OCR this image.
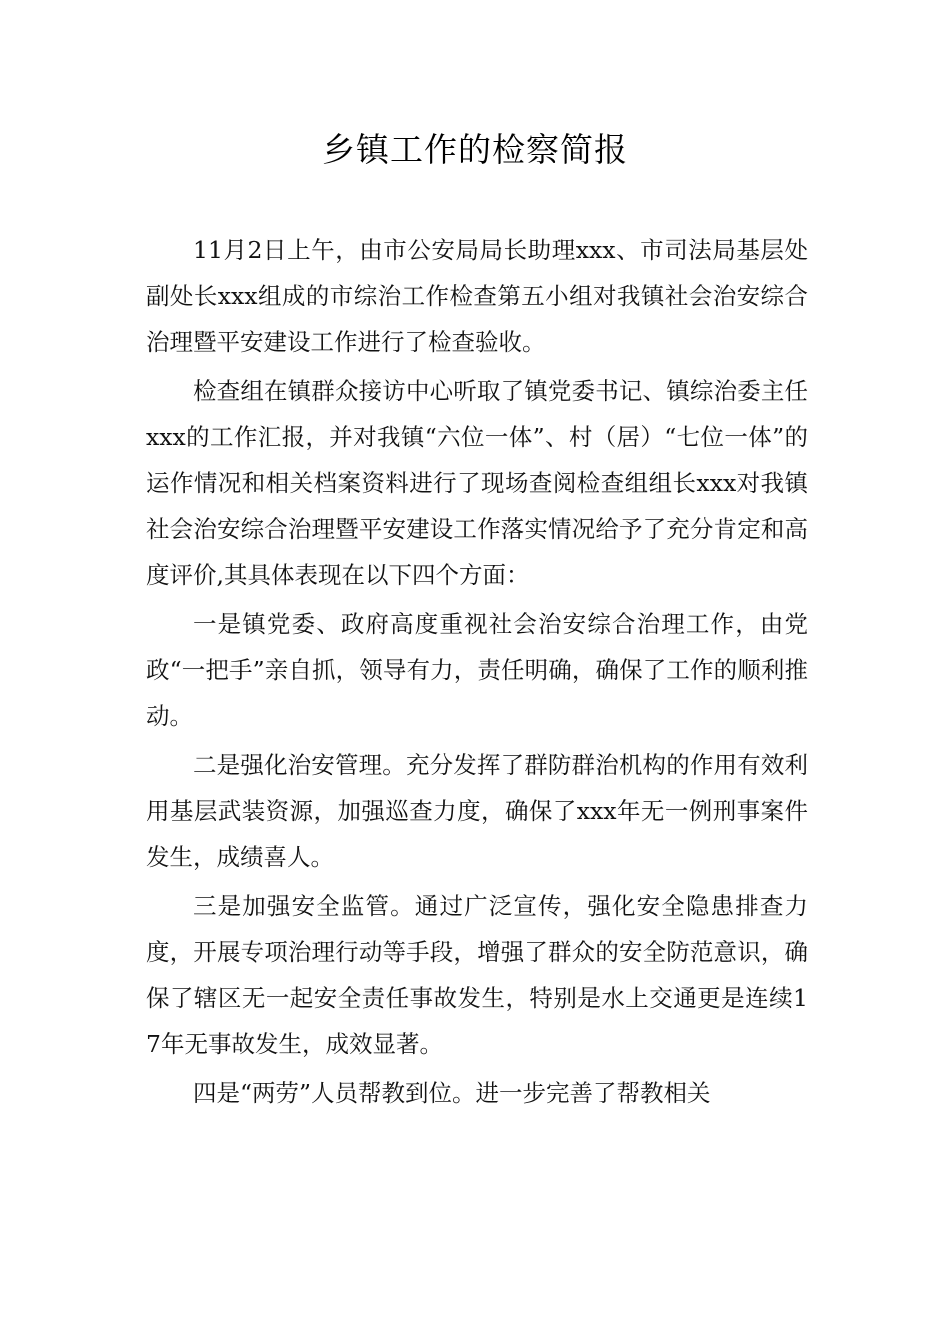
乡镇工作的检察简报

11月2日上午，由市公安局局长助理xxx、市司法局基层处副处长xxx组成的市综治工作检查第五小组对我镇社会治安综合治理暨平安建设工作进行了检查验收。

检查组在镇群众接访中心听取了镇党委书记、镇综治委主任xxx的工作汇报，并对我镇“六位一体”、村（居）“七位一体”的运作情况和相关档案资料进行了现场查阅检查组组长xxx对我镇社会治安综合治理暨平安建设工作落实情况给予了充分肯定和高度评价,其具体表现在以下四个方面：

一是镇党委、政府高度重视社会治安综合治理工作，由党政“一把手”亲自抓，领导有力，责任明确，确保了工作的顺利推动。

二是强化治安管理。充分发挥了群防群治机构的作用有效利用基层武装资源，加强巡查力度，确保了xxx年无一例刑事案件发生，成绩喜人。

三是加强安全监管。通过广泛宣传，强化安全隐患排查力度，开展专项治理行动等手段，增强了群众的安全防范意识，确保了辖区无一起安全责任事故发生，特别是水上交通更是连续17年无事故发生，成效显著。

四是“两劳”人员帮教到位。进一步完善了帮教相关
